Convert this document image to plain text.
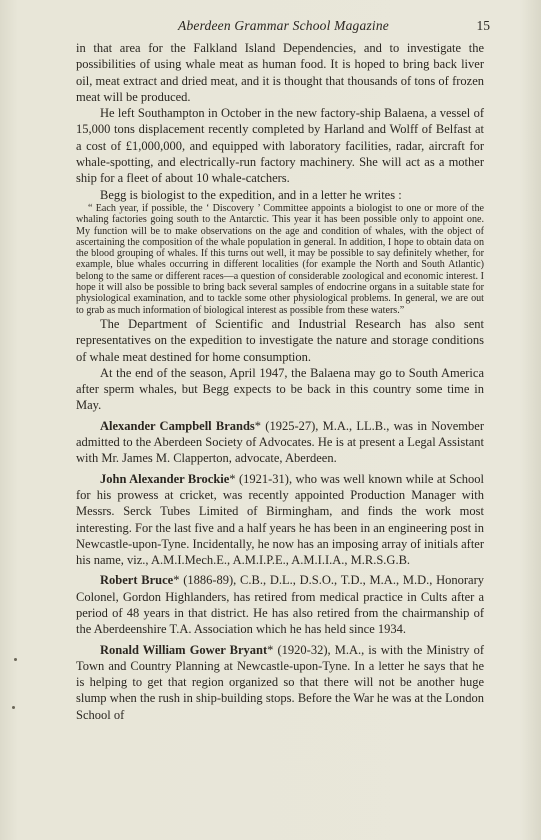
Aberdeen Grammar School Magazine	15

in that area for the Falkland Island Dependencies, and to investigate the possibilities of using whale meat as human food. It is hoped to bring back liver oil, meat extract and dried meat, and it is thought that thousands of tons of frozen meat will be produced.

He left Southampton in October in the new factory-ship Balaena, a vessel of 15,000 tons displacement recently completed by Harland and Wolff of Belfast at a cost of £1,000,000, and equipped with laboratory facilities, radar, aircraft for whale-spotting, and electrically-run factory machinery. She will act as a mother ship for a fleet of about 10 whale-catchers.

Begg is biologist to the expedition, and in a letter he writes :

“ Each year, if possible, the ‘ Discovery ’ Committee appoints a biologist to one or more of the whaling factories going south to the Antarctic. This year it has been possible only to appoint one. My function will be to make observations on the age and condition of whales, with the object of ascertaining the composition of the whale population in general. In addition, I hope to obtain data on the blood grouping of whales. If this turns out well, it may be possible to say definitely whether, for example, blue whales occurring in different localities (for example the North and South Atlantic) belong to the same or different races—a question of considerable zoological and economic interest. I hope it will also be possible to bring back several samples of endocrine organs in a suitable state for physiological examination, and to tackle some other physiological problems. In general, we are out to grab as much information of biological interest as possible from these waters.”

The Department of Scientific and Industrial Research has also sent representatives on the expedition to investigate the nature and storage conditions of whale meat destined for home consumption.

At the end of the season, April 1947, the Balaena may go to South America after sperm whales, but Begg expects to be back in this country some time in May.

Alexander Campbell Brands* (1925-27), M.A., LL.B., was in November admitted to the Aberdeen Society of Advocates. He is at present a Legal Assistant with Mr. James M. Clapperton, advocate, Aberdeen.

John Alexander Brockie* (1921-31), who was well known while at School for his prowess at cricket, was recently appointed Production Manager with Messrs. Serck Tubes Limited of Birmingham, and finds the work most interesting. For the last five and a half years he has been in an engineering post in Newcastle-upon-Tyne. Incidentally, he now has an imposing array of initials after his name, viz., A.M.I.Mech.E., A.M.I.P.E., A.M.I.I.A., M.R.S.G.B.

Robert Bruce* (1886-89), C.B., D.L., D.S.O., T.D., M.A., M.D., Honorary Colonel, Gordon Highlanders, has retired from medical practice in Cults after a period of 48 years in that district. He has also retired from the chairmanship of the Aberdeenshire T.A. Association which he has held since 1934.

Ronald William Gower Bryant* (1920-32), M.A., is with the Ministry of Town and Country Planning at Newcastle-upon-Tyne. In a letter he says that he is helping to get that region organized so that there will not be another huge slump when the rush in ship-building stops. Before the War he was at the London School of
